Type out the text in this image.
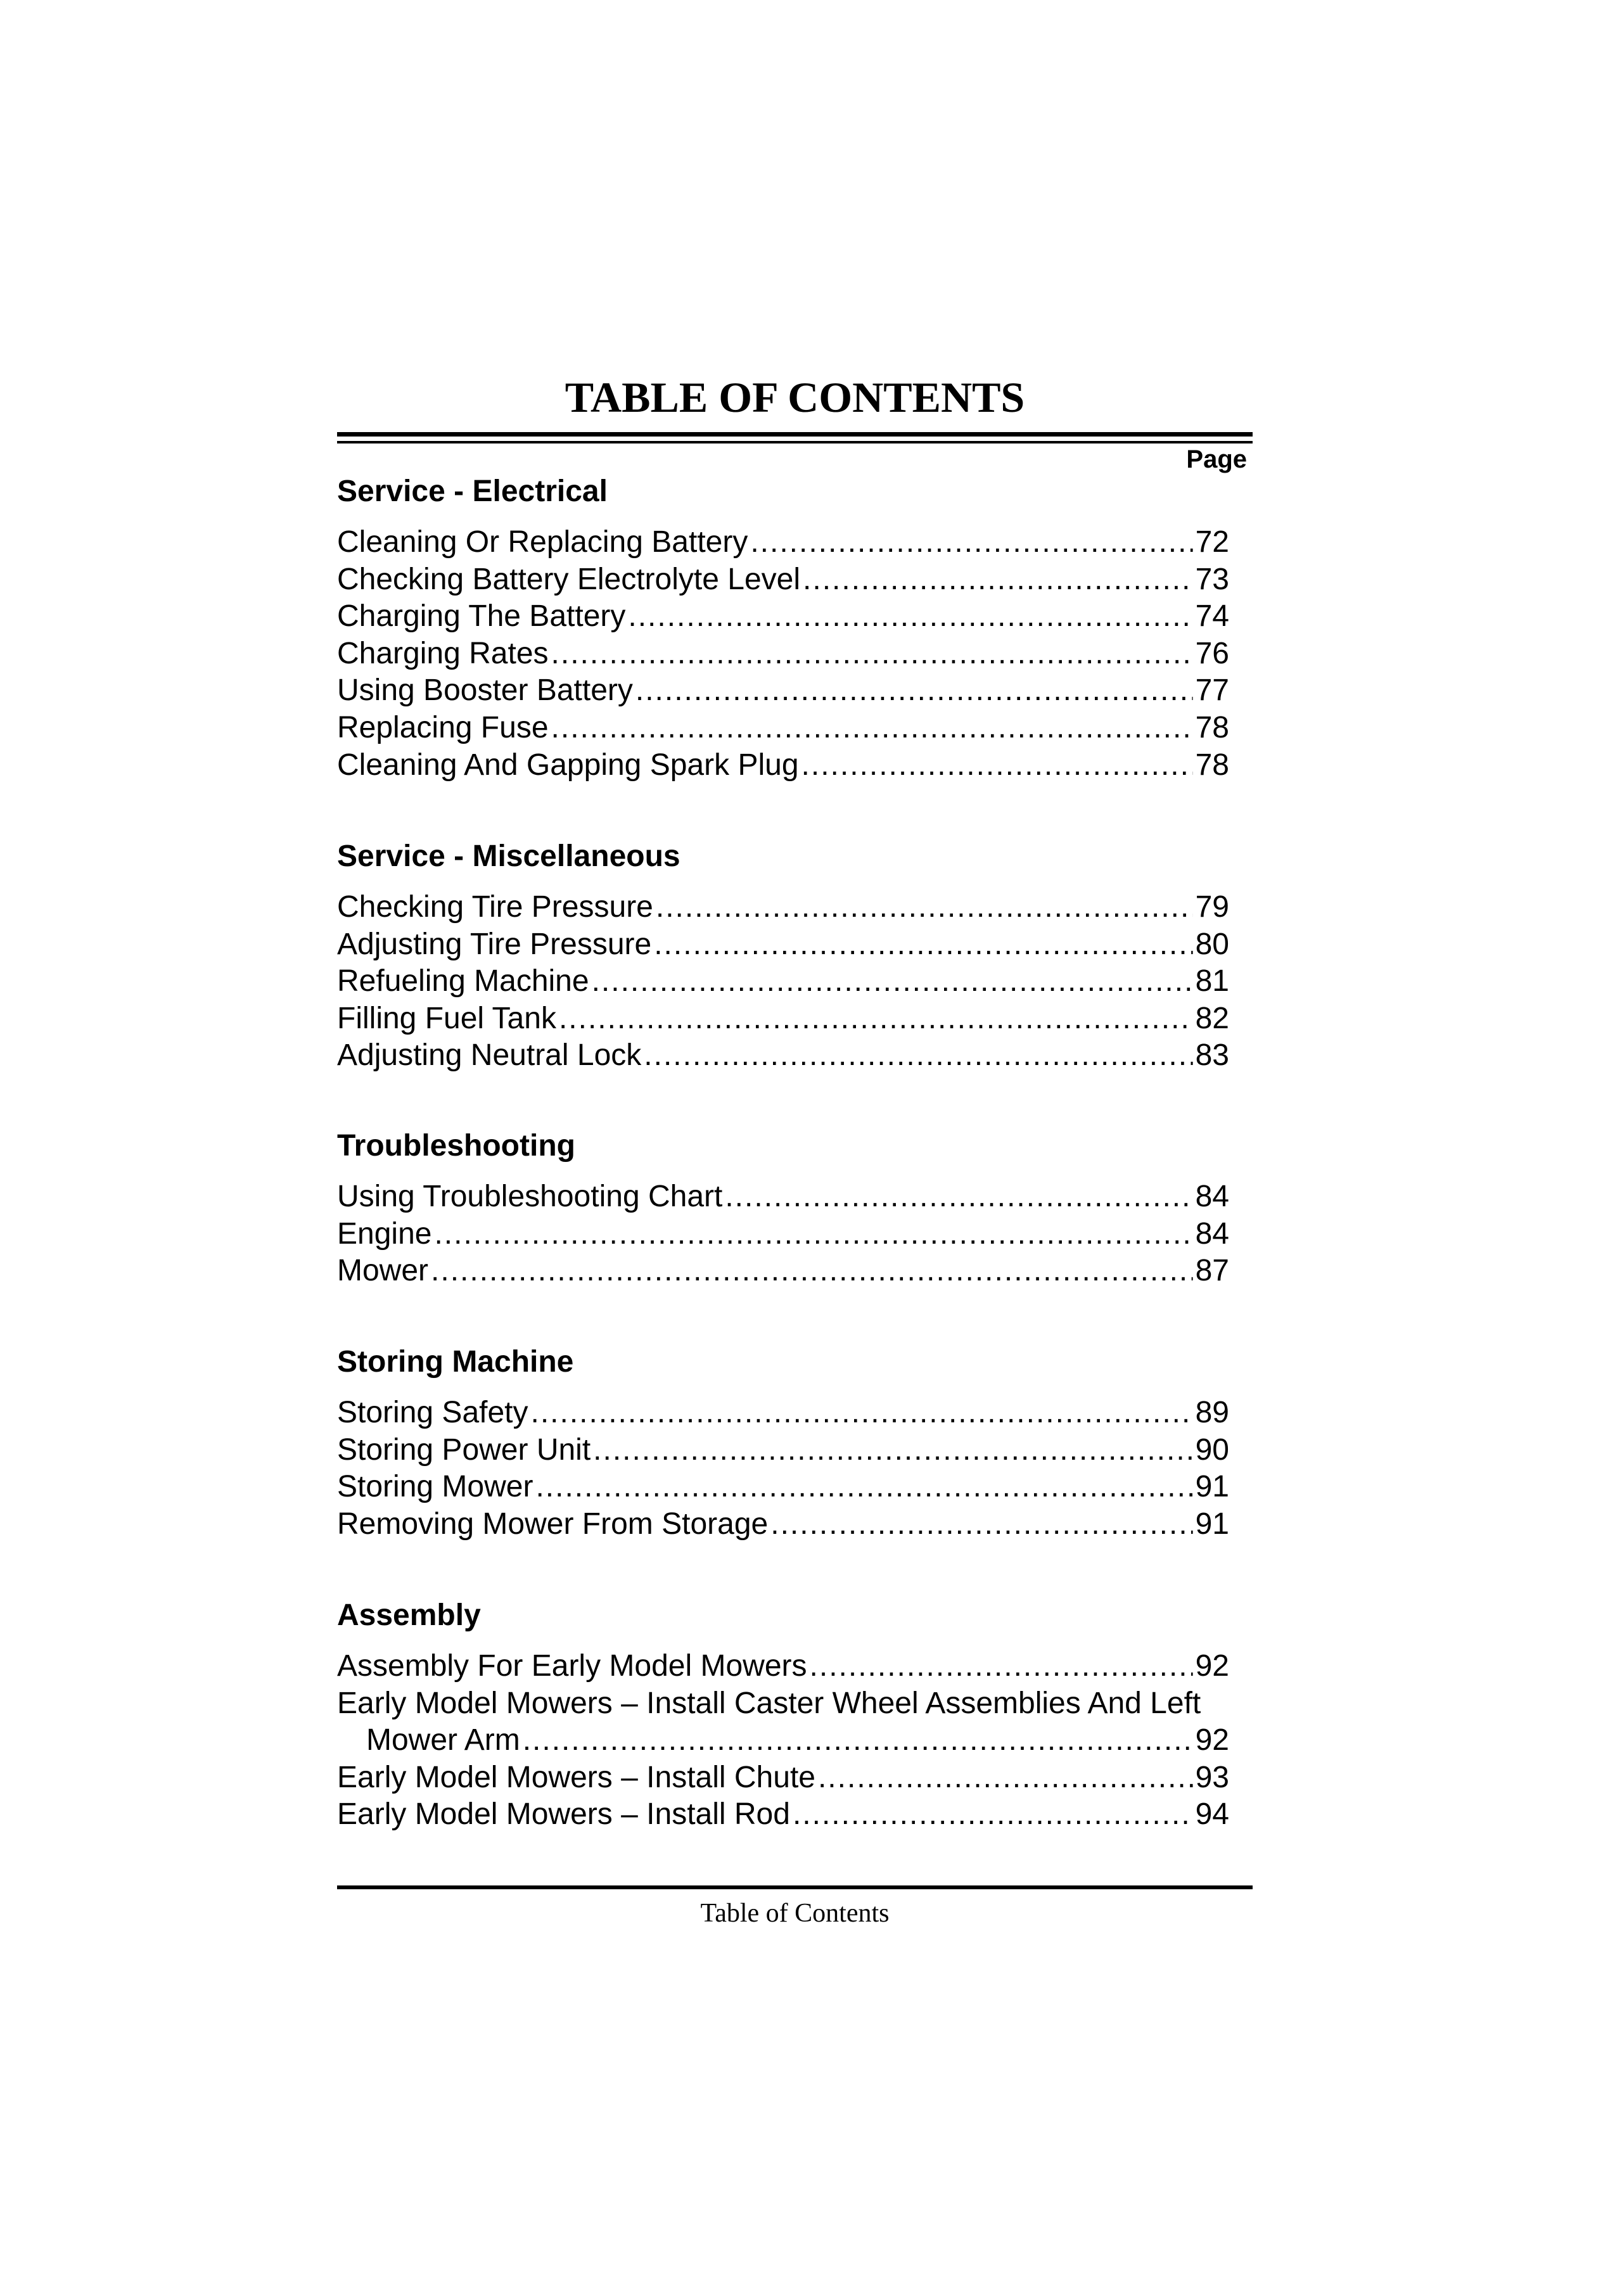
TABLE OF CONTENTS
Page
Service - Electrical
Cleaning Or Replacing Battery .....	72
Checking Battery Electrolyte Level .....	73
Charging The Battery .....	74
Charging Rates .....	76
Using Booster Battery .....	77
Replacing Fuse .....	78
Cleaning And Gapping Spark Plug .....	78
Service - Miscellaneous
Checking Tire Pressure .....	79
Adjusting Tire Pressure .....	80
Refueling Machine .....	81
Filling Fuel Tank .....	82
Adjusting Neutral Lock .....	83
Troubleshooting
Using Troubleshooting Chart .....	84
Engine .....	84
Mower .....	87
Storing Machine
Storing Safety .....	89
Storing Power Unit .....	90
Storing Mower .....	91
Removing Mower From Storage .....	91
Assembly
Assembly For Early Model Mowers .....	92
Early Model Mowers – Install Caster Wheel Assemblies And Left
Mower Arm .....	92
Early Model Mowers – Install Chute .....	93
Early Model Mowers – Install Rod .....	94
Table of Contents
